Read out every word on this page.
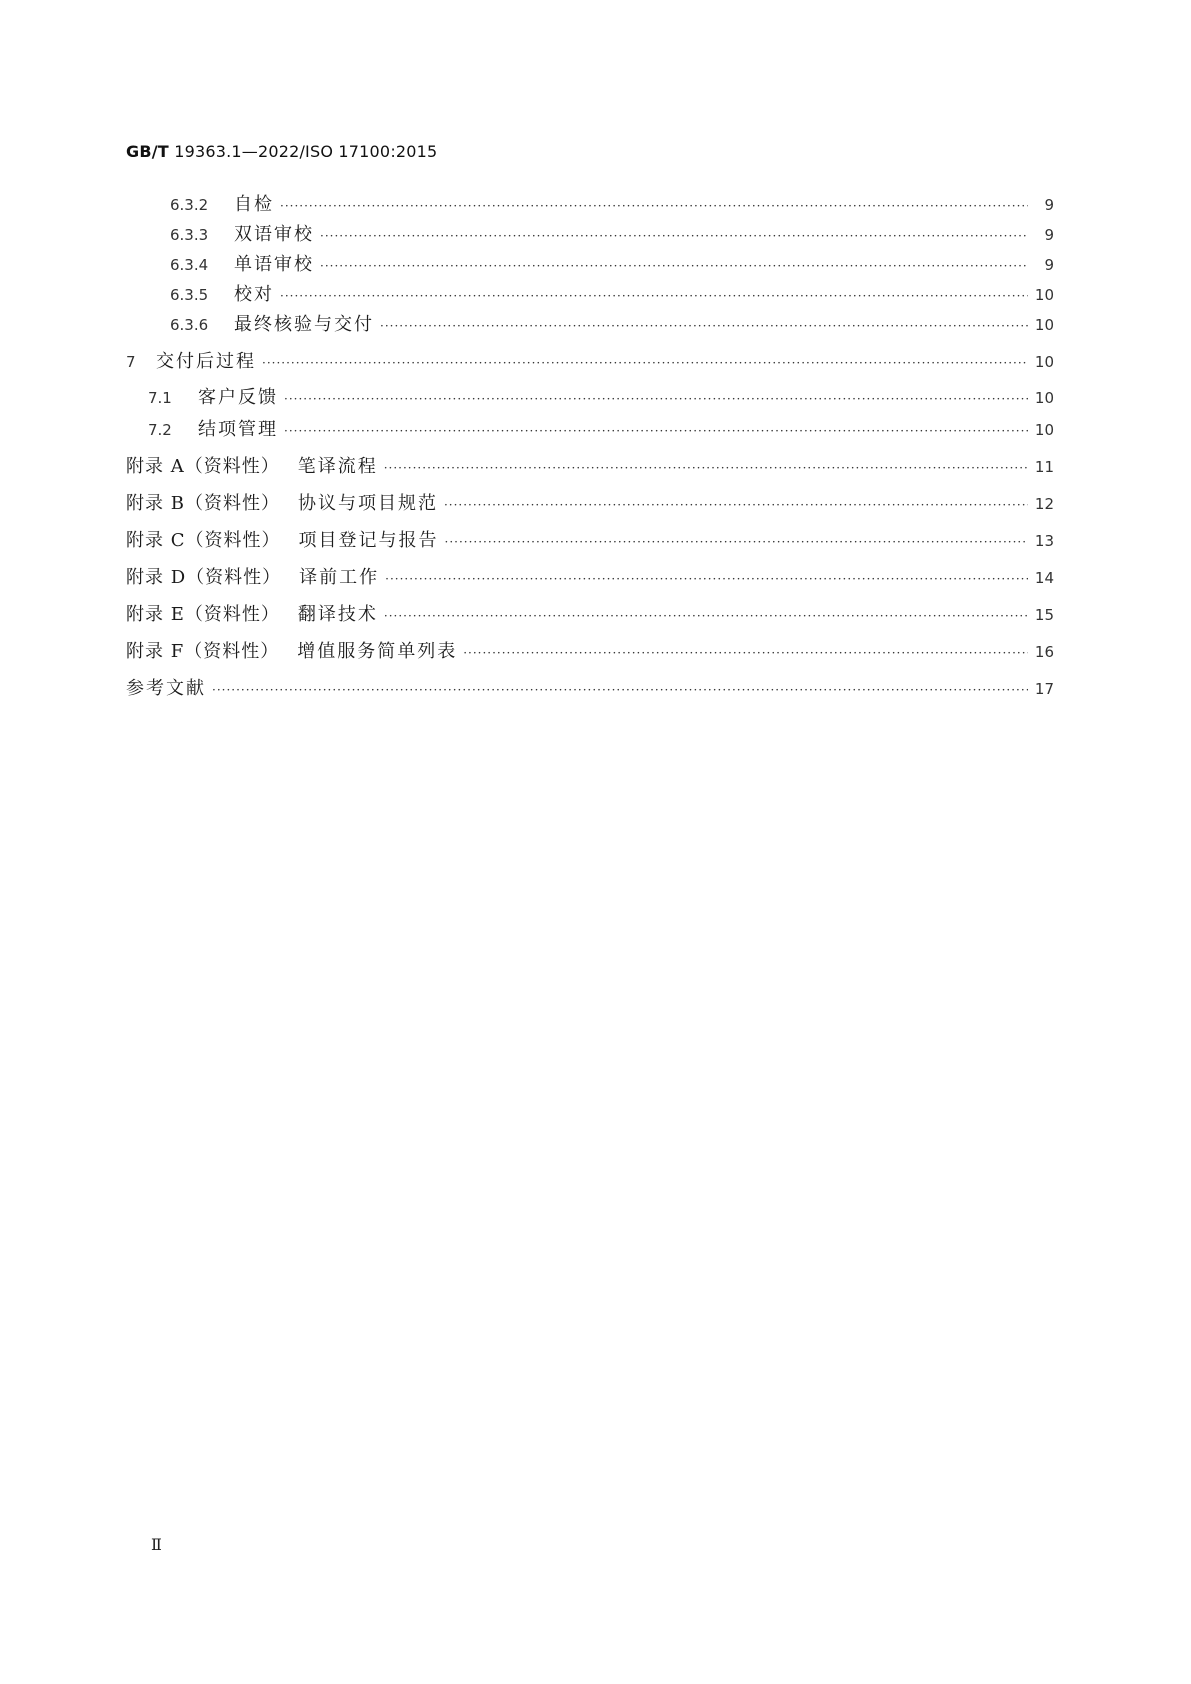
GB/T 19363.1—2022/ISO 17100:2015
6.3.2	自检 ·····	9
6.3.3	双语审校 ·····	9
6.3.4	单语审校 ·····	9
6.3.5	校对 ·····	10
6.3.6	最终核验与交付 ·····	10
7	交付后过程 ·····	10
7.1	客户反馈 ·····	10
7.2	结项管理 ·····	10
附录 A（资料性） 笔译流程 ·····	11
附录 B（资料性） 协议与项目规范 ·····	12
附录 C（资料性） 项目登记与报告 ·····	13
附录 D（资料性） 译前工作 ·····	14
附录 E（资料性） 翻译技术 ·····	15
附录 F（资料性） 增值服务简单列表 ·····	16
参考文献 ·····	17
Ⅱ
